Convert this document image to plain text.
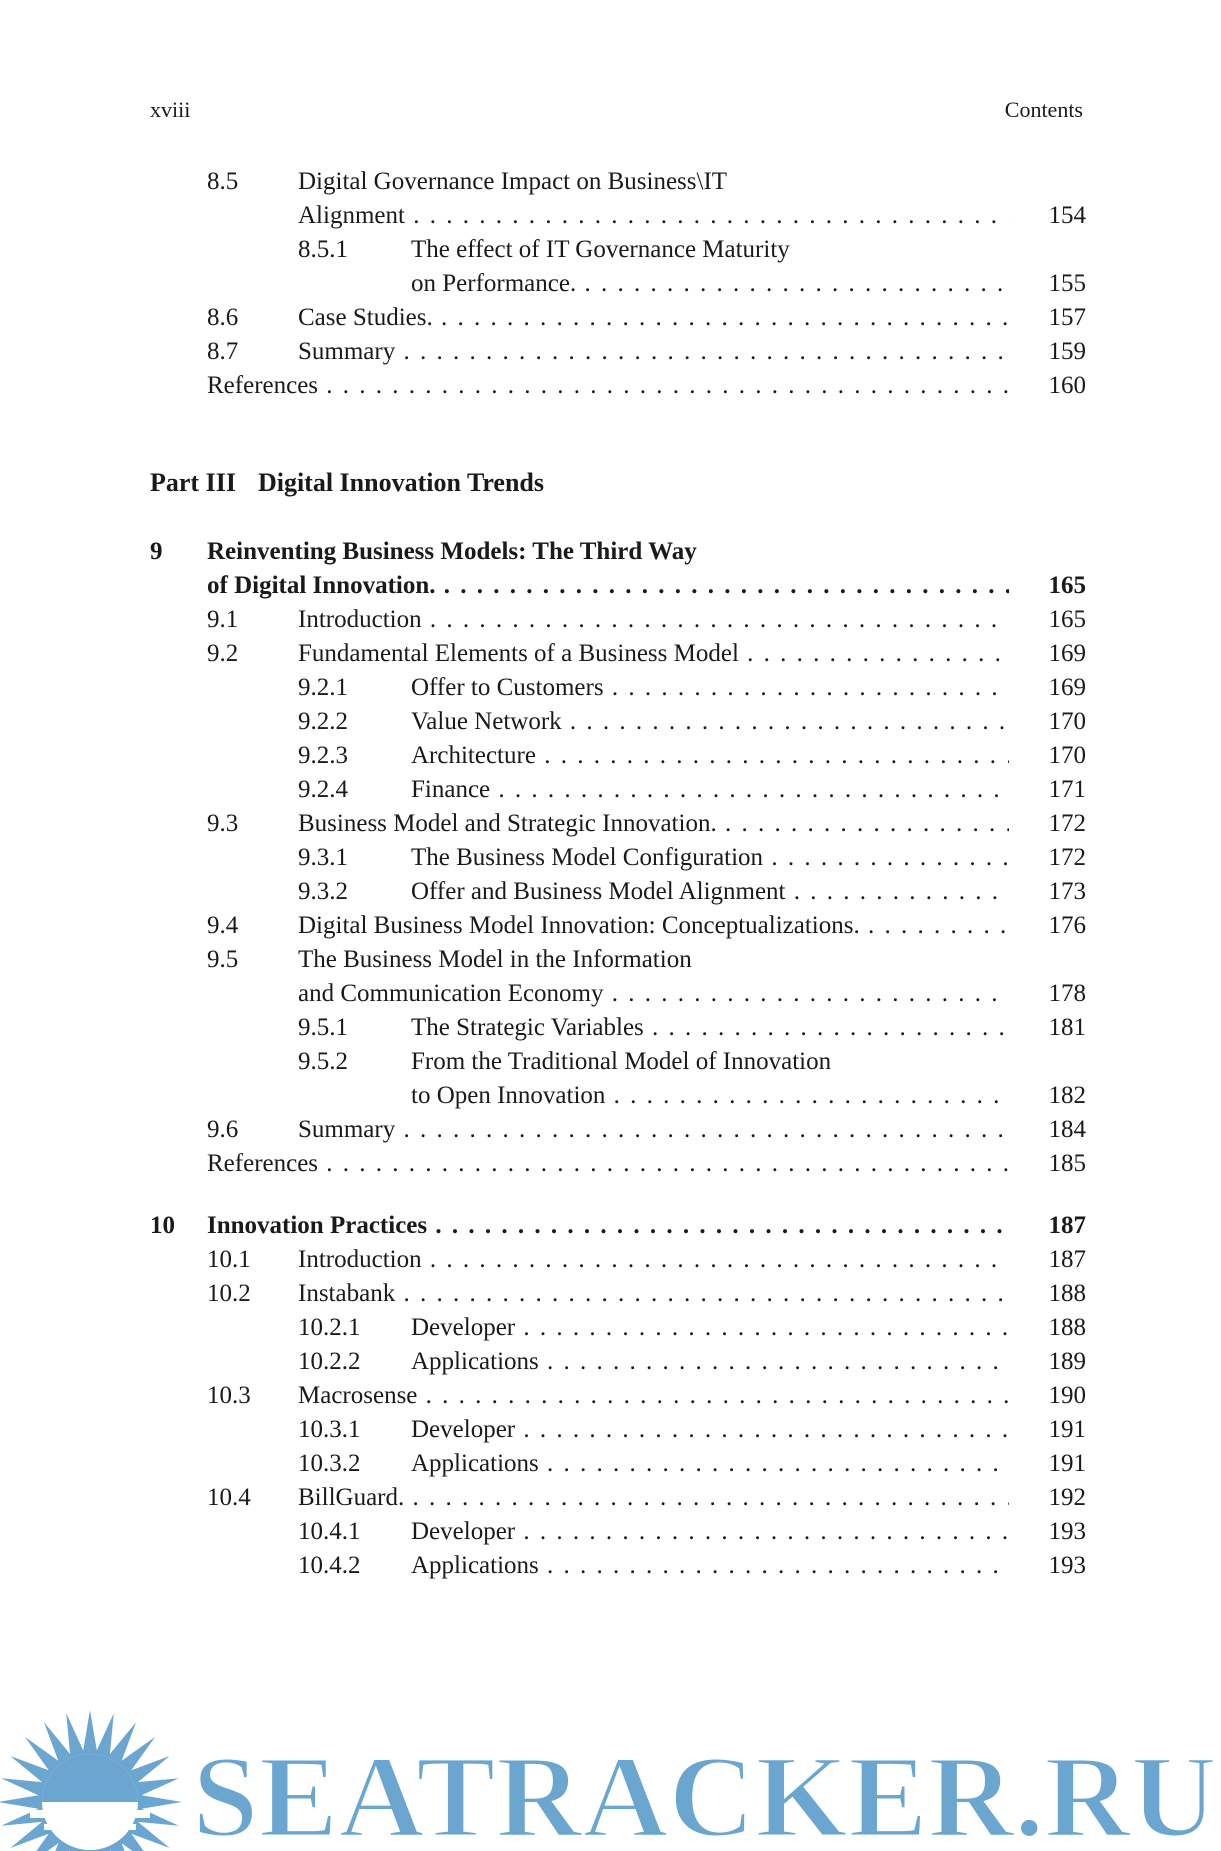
xviii	Contents
8.5 Digital Governance Impact on Business\IT
Alignment . . .	154
8.5.1	The effect of IT Governance Maturity
on Performance. . . .	155
8.6 Case Studies. . . .	157
8.7 Summary . . .	159
References . . .	160
Part III Digital Innovation Trends
9 Reinventing Business Models: The Third Way
of Digital Innovation. . . .	165
9.1 Introduction . . .	165
9.2 Fundamental Elements of a Business Model . . .	169
9.2.1	Offer to Customers . . .	169
9.2.2	Value Network . . .	170
9.2.3	Architecture . . .	170
9.2.4	Finance . . .	171
9.3 Business Model and Strategic Innovation. . . .	172
9.3.1	The Business Model Configuration . . .	172
9.3.2	Offer and Business Model Alignment . . .	173
9.4 Digital Business Model Innovation: Conceptualizations. . . .	176
9.5 The Business Model in the Information
and Communication Economy . . .	178
9.5.1	The Strategic Variables . . .	181
9.5.2	From the Traditional Model of Innovation
to Open Innovation . . .	182
9.6 Summary . . .	184
References . . .	185
10 Innovation Practices . . .	187
10.1 Introduction . . .	187
10.2 Instabank . . .	188
10.2.1 Developer . . .	188
10.2.2 Applications . . .	189
10.3 Macrosense . . .	190
10.3.1 Developer . . .	191
10.3.2 Applications . . .	191
10.4 BillGuard. . . .	192
10.4.1 Developer . . .	193
10.4.2 Applications . . .	193
SEATRACKER.RU
